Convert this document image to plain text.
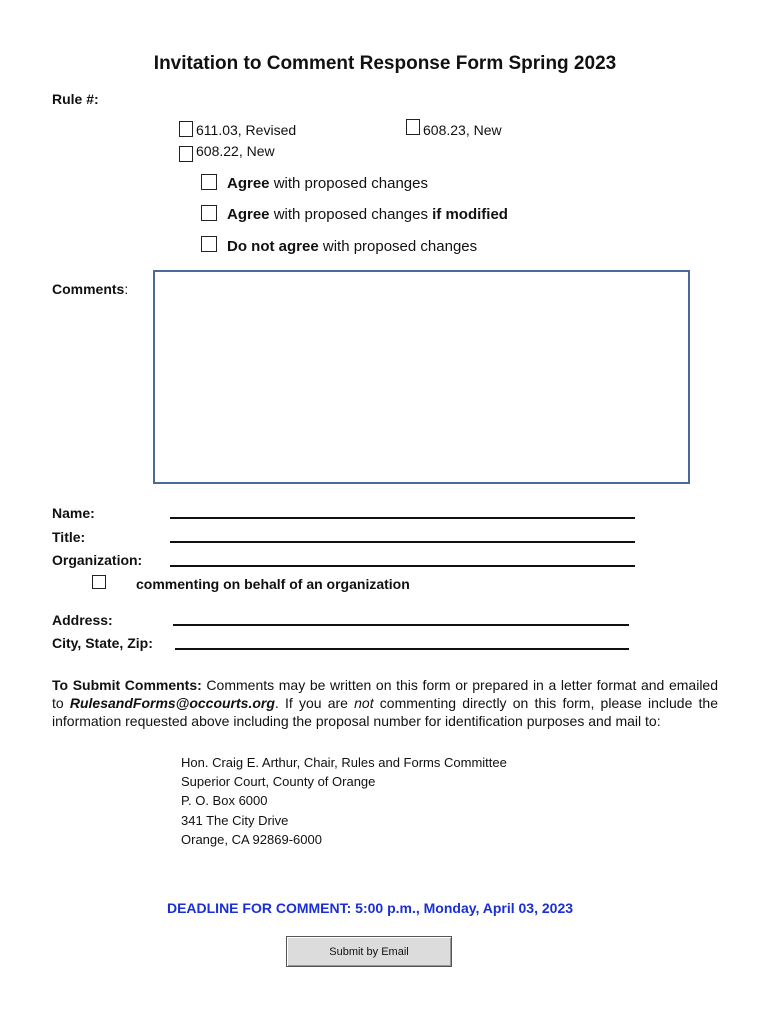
Invitation to Comment Response Form Spring 2023
Rule #:
611.03, Revised	608.23, New
608.22, New
Agree with proposed changes
Agree with proposed changes if modified
Do not agree with proposed changes
Comments:
Name:
Title:
Organization:
commenting on behalf of an organization
Address:
City, State, Zip:
To Submit Comments: Comments may be written on this form or prepared in a letter format and emailed to RulesandForms@occourts.org. If you are not commenting directly on this form, please include the information requested above including the proposal number for identification purposes and mail to:
Hon. Craig E. Arthur, Chair, Rules and Forms Committee
Superior Court, County of Orange
P. O. Box 6000
341 The City Drive
Orange, CA 92869-6000
DEADLINE FOR COMMENT: 5:00 p.m., Monday, April 03, 2023
Submit by Email
